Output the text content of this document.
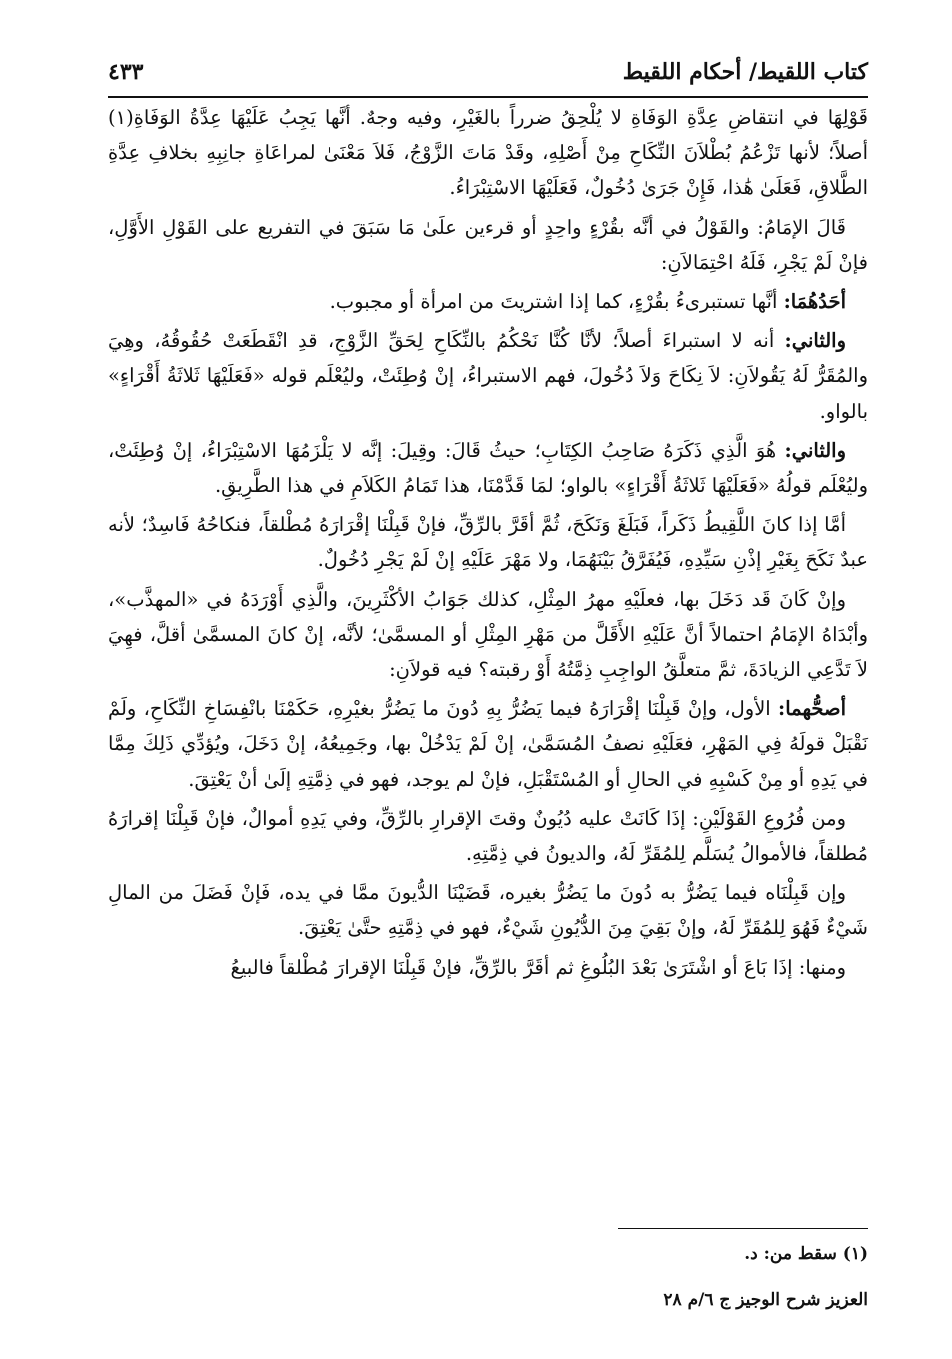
كتاب اللقيط/ أحكام اللقيط
٤٣٣

قَوْلِهَا في انتقاضِ عِدَّةِ الوَفَاةِ لا يُلْحِقُ ضرراً بالغَيْرِ، وفيه وجهٌ. أنَّها يَجِبُ عَلَيْهَا عِدَّةُ الوَفَاةِ(١) أصلاً؛ لأنها تَزْعُمُ بُطْلاَنَ النِّكَاحِ مِنْ أَصْلِهِ، وقَدْ مَاتَ الزَّوْجُ، فَلاَ مَعْنَىٰ لمراعَاةِ جانِبِهِ بخلافِ عِدَّةِ الطَّلاقِ، فَعَلَىٰ هَٰذا، فَإِنْ جَرَىٰ دُخُولٌ، فَعَلَيْهَا الاسْتِبْرَاءُ.

قَالَ الإمَامُ: والقَوْلُ في أنَّه بقُرْءٍ واحِدٍ أو قرءين علَىٰ مَا سَبَقَ في التفريع على القَوْلِ الأَوَّلِ، فإنْ لَمْ يَجْرِ، فَلَهُ احْتِمَالاَنِ:

أحَدُهُمَا: أنَّها تستبرىءُ بقُرْءٍ، كما إذا اشتريتَ من امرأة أو مجبوب.

والثاني: أنه لا استبراءَ أصلاً؛ لأنَّا كُنَّا نَحْكُمُ بالنِّكَاحِ لِحَقِّ الزَّوْجِ، قدِ انْقَطَعَتْ حُقُوقُهُ، وهِيَ والمُقَرُّ لَهُ يَقُولاَنِ: لاَ نِكَاحَ وَلاَ دُخُولَ، فهم الاستبراءُ، إنْ وُطِئَتْ، وليُعْلَم قوله «فَعَلَيْهَا ثَلاثَةُ أَقْرَاءٍ» بالواو.

والثاني: هُوَ الَّذِي ذَكَرَهُ صَاحِبُ الكِتَابِ؛ حيثُ قَالَ: وقِيلَ: إنَّه لا يَلْزَمُهَا الاسْتِبْرَاءُ، إنْ وُطِئَتْ، وليُعْلَم قولُهُ «فَعَلَيْهَا ثَلاثَةُ أَقْرَاءٍ» بالواو؛ لمَا قَدَّمْنَا، هذا تَمَامُ الكَلاَمِ في هذا الطَّرِيقِ.

أمَّا إذا كانَ اللَّقِيطُ ذَكَراً، فَبَلَغَ وَنَكَحَ، ثُمَّ أقَرَّ بالرِّقِّ، فإنْ قَبِلْنَا إقْرَارَهُ مُطْلقاً، فنكاحُهُ فَاسِدٌ؛ لأنه عبدٌ نَكَحَ بِغَيْرِ إذْنِ سَيِّدِهِ، فَيُفَرَّقُ بَيْنَهُمَا، ولا مَهْرَ عَلَيْهِ إنْ لَمْ يَجْرِ دُخُولٌ.

وإنْ كَانَ قَد دَخَلَ بها، فعلَيْهِ مهرُ المِثْلِ، كذلك جَوَابُ الأكْثَرِينَ، والَّذِي أَوْرَدَهُ في «المهذَّب»، وأبْدَاهُ الإمَامُ احتمالاً أنَّ عَلَيْهِ الأَقَلَّ من مَهْرِ المِثْلِ أو المسمَّىٰ؛ لأنَّه، إنْ كانَ المسمَّىٰ أقلَّ، فهِيَ لاَ تَدَّعِي الزيادَةَ، ثمَّ متعلَّقُ الواجِبِ ذِمَّتُهُ أَوْ رقبته؟ فيه قولاَنِ:

أصحُّهما: الأول، وإنْ قَبِلْنَا إقْرَارَهُ فيما يَضُرُّ بِهِ دُونَ ما يَضُرُّ بغيْرِهِ، حَكَمْنَا بانْفِسَاخِ النِّكَاحِ، ولَمْ نَقْبَلْ قولَهُ فِي المَهْرِ، فعَلَيْهِ نصفُ المُسَمَّىٰ، إنْ لَمْ يَدْخُلْ بها، وجَمِيعُهُ، إنْ دَخَلَ، ويُؤدِّي ذَلِكَ مِمَّا في يَدِهِ أو مِنْ كَسْبِهِ في الحالِ أو المُسْتَقْبَلِ، فإنْ لم يوجد، فهو في ذِمَّتِهِ إلَىٰ أنْ يَعْتِقَ.

ومن فُرُوعِ القَوْلَيْنِ: إذَا كَانَتْ عليه دُيُونٌ وقتَ الإقرارِ بالرِّقِّ، وفي يَدِهِ أموالٌ، فإنْ قَبِلْنَا إقرارَهُ مُطلقاً، فالأموالُ يُسَلَّم لِلمُقَرِّ لَهُ، والديونُ في ذِمَّتِهِ.

وإن قَبِلْنَاه فيما يَضُرُّ به دُونَ ما يَضُرُّ بغيره، قَضَيْنَا الدُّيونَ ممَّا في يده، فَإنْ فَضَلَ من المالِ شَيْءٌ فَهُوَ لِلمُقَرِّ لَهُ، وإنْ بَقِيَ مِنَ الدُّيُونِ شَيْءٌ، فهو في ذِمَّتِهِ حتَّىٰ يَعْتِقَ.

ومنها: إذَا بَاعَ أو اشْتَرَىٰ بَعْدَ البُلُوغِ ثم أقَرَّ بالرِّقِّ، فإنْ قَبِلْنَا الإقرارَ مُطْلقاً فالبيعُ

(١) سقط من: د.
العزيز شرح الوجيز ج ٦/م ٢٨
